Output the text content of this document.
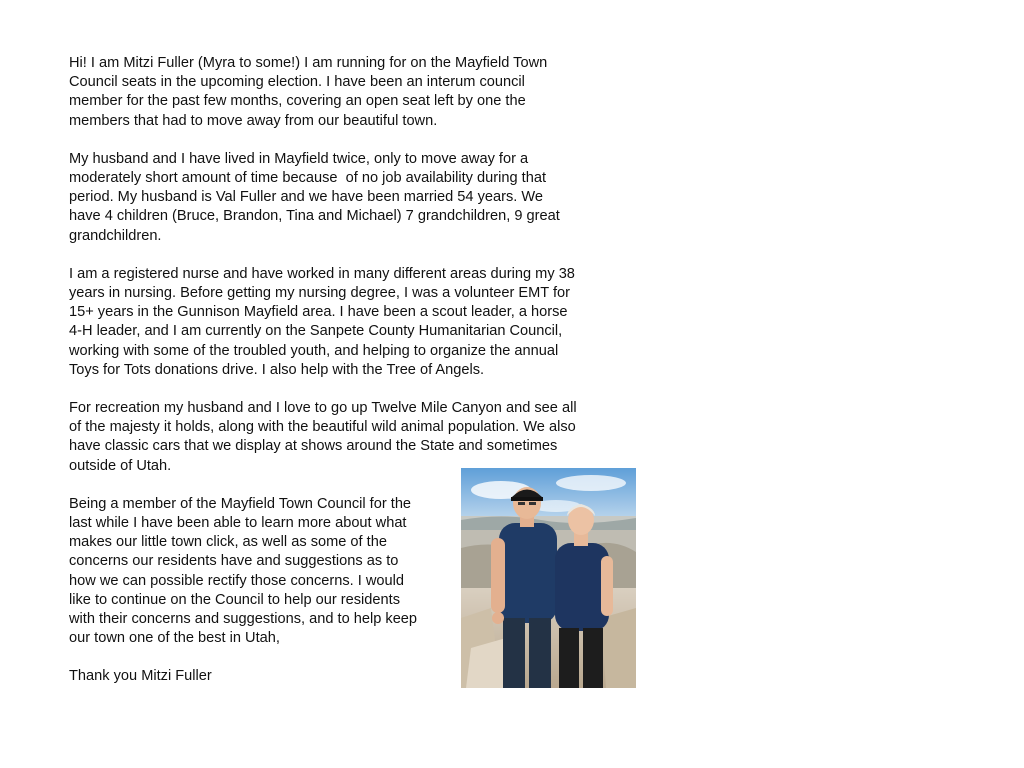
Hi! I am Mitzi Fuller (Myra to some!) I am running for on the Mayfield Town
Council seats in the upcoming election. I have been an interum council
member for the past few months, covering an open seat left by one the
members that had to move away from our beautiful town.

My husband and I have lived in Mayfield twice, only to move away for a
moderately short amount of time because  of no job availability during that
period. My husband is Val Fuller and we have been married 54 years. We
have 4 children (Bruce, Brandon, Tina and Michael) 7 grandchildren, 9 great
grandchildren.

I am a registered nurse and have worked in many different areas during my 38
years in nursing. Before getting my nursing degree, I was a volunteer EMT for
15+ years in the Gunnison Mayfield area. I have been a scout leader, a horse
4-H leader, and I am currently on the Sanpete County Humanitarian Council,
working with some of the troubled youth, and helping to organize the annual
Toys for Tots donations drive. I also help with the Tree of Angels.

For recreation my husband and I love to go up Twelve Mile Canyon and see all
of the majesty it holds, along with the beautiful wild animal population. We also
have classic cars that we display at shows around the State and sometimes
outside of Utah.

Being a member of the Mayfield Town Council for the
last while I have been able to learn more about what
makes our little town click, as well as some of the
concerns our residents have and suggestions as to
how we can possible rectify those concerns. I would
like to continue on the Council to help our residents
with their concerns and suggestions, and to help keep
our town one of the best in Utah,

Thank you Mitzi Fuller
